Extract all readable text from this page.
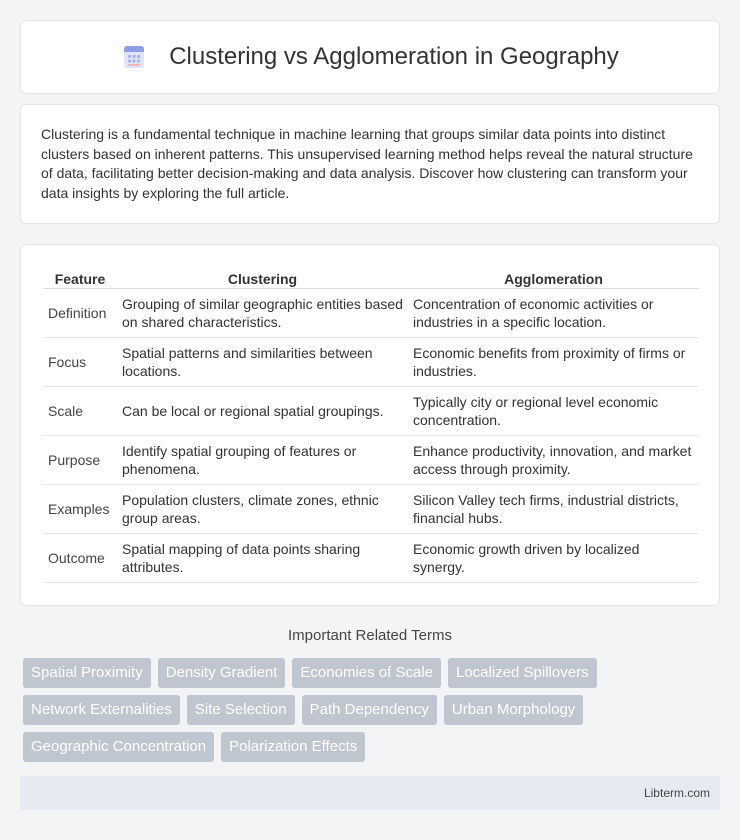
Clustering vs Agglomeration in Geography

Clustering is a fundamental technique in machine learning that groups similar data points into distinct clusters based on inherent patterns. This unsupervised learning method helps reveal the natural structure of data, facilitating better decision-making and data analysis. Discover how clustering can transform your data insights by exploring the full article.

Feature	Clustering	Agglomeration
Definition	Grouping of similar geographic entities based on shared characteristics.	Concentration of economic activities or industries in a specific location.
Focus	Spatial patterns and similarities between locations.	Economic benefits from proximity of firms or industries.
Scale	Can be local or regional spatial groupings.	Typically city or regional level economic concentration.
Purpose	Identify spatial grouping of features or phenomena.	Enhance productivity, innovation, and market access through proximity.
Examples	Population clusters, climate zones, ethnic group areas.	Silicon Valley tech firms, industrial districts, financial hubs.
Outcome	Spatial mapping of data points sharing attributes.	Economic growth driven by localized synergy.
Important Related Terms
Spatial Proximity	Density Gradient	Economies of Scale	Localized Spillovers
Network Externalities	Site Selection	Path Dependency	Urban Morphology
Geographic Concentration	Polarization Effects
Libterm.com
